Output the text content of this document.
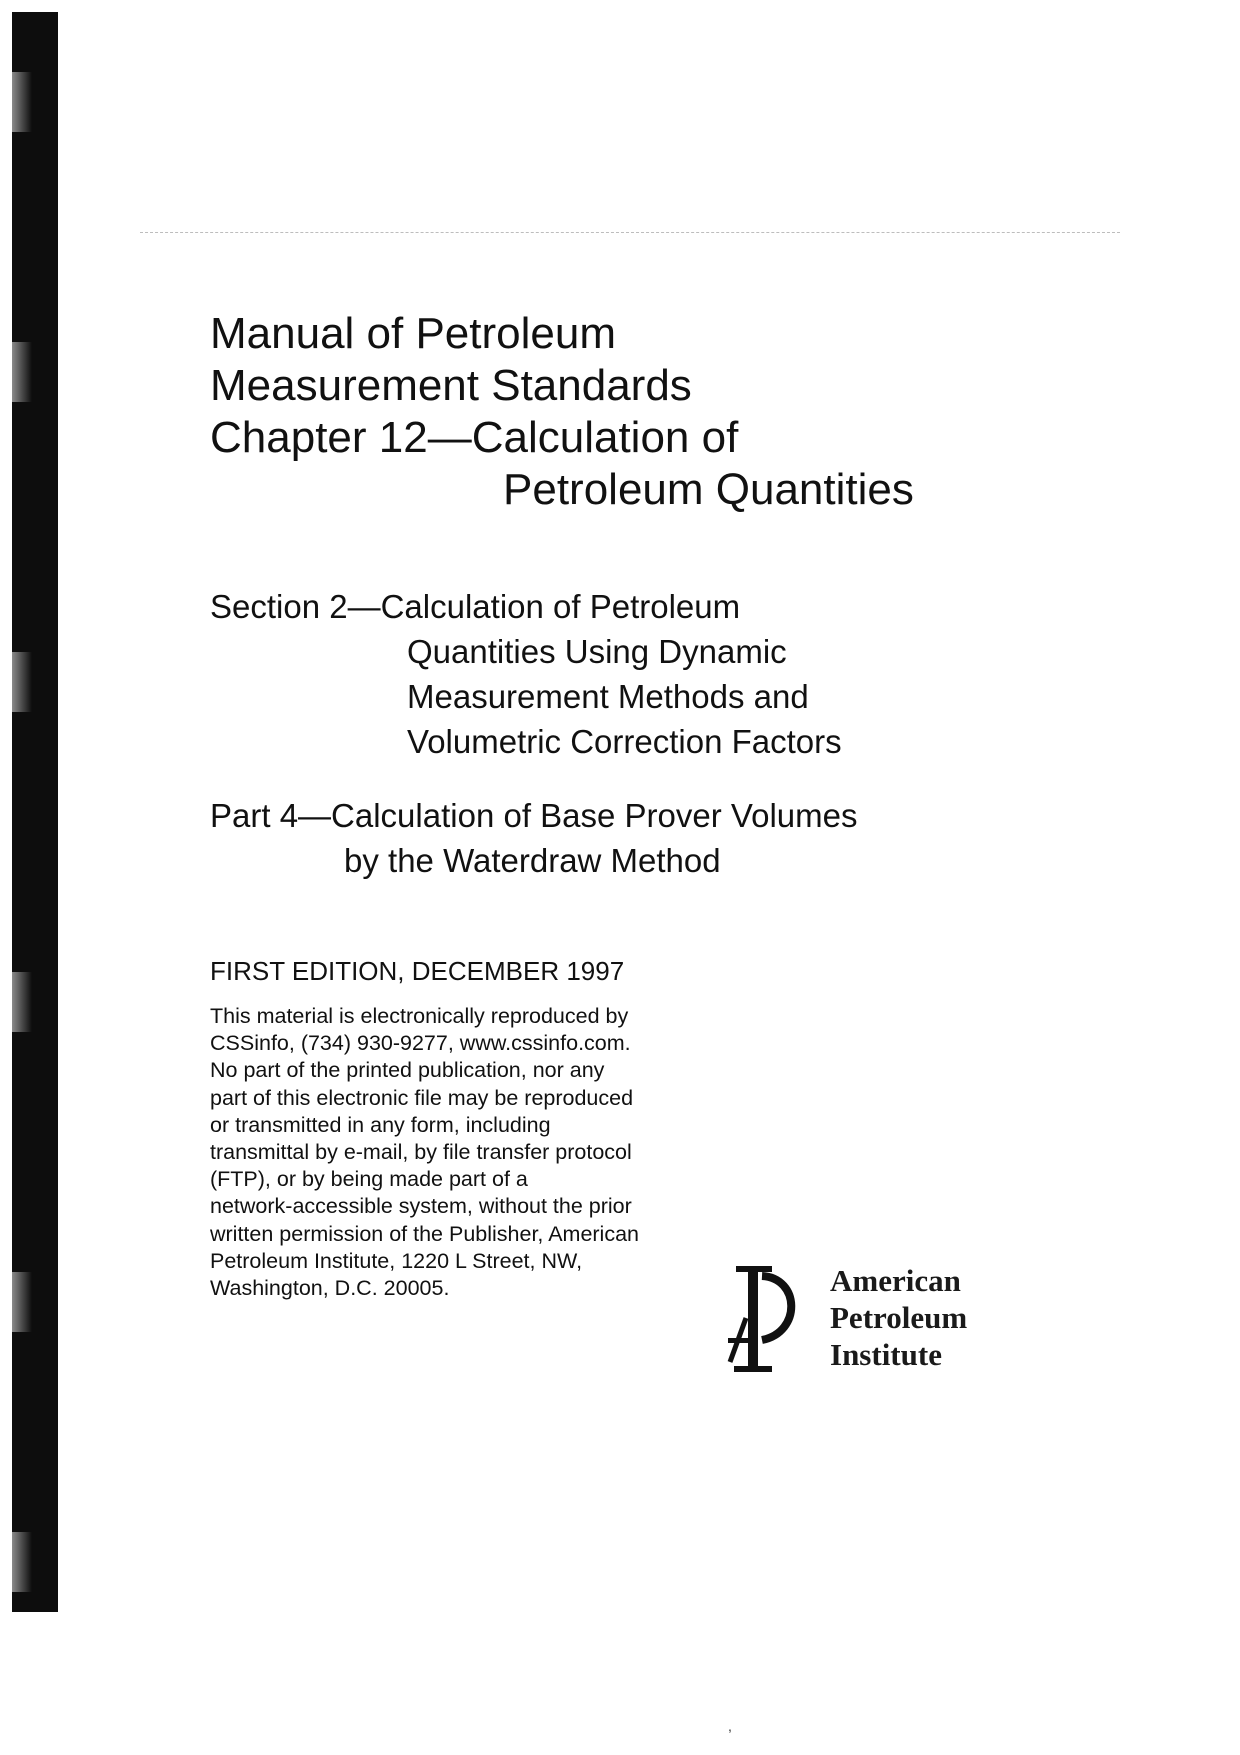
Manual of Petroleum
Measurement Standards
Chapter 12—Calculation of
Petroleum Quantities
Section 2—Calculation of Petroleum
Quantities Using Dynamic
Measurement Methods and
Volumetric Correction Factors
Part 4—Calculation of Base Prover Volumes
by the Waterdraw Method
FIRST EDITION, DECEMBER 1997
This material is electronically reproduced by
CSSinfo, (734) 930-9277, www.cssinfo.com.
No part of the printed publication, nor any
part of this electronic file may be reproduced
or transmitted in any form, including
transmittal by e-mail, by file transfer protocol
(FTP), or by being made part of a
network-accessible system, without the prior
written permission of the Publisher, American
Petroleum Institute, 1220 L Street, NW,
Washington, D.C. 20005.	American
Petroleum
Institute
,
